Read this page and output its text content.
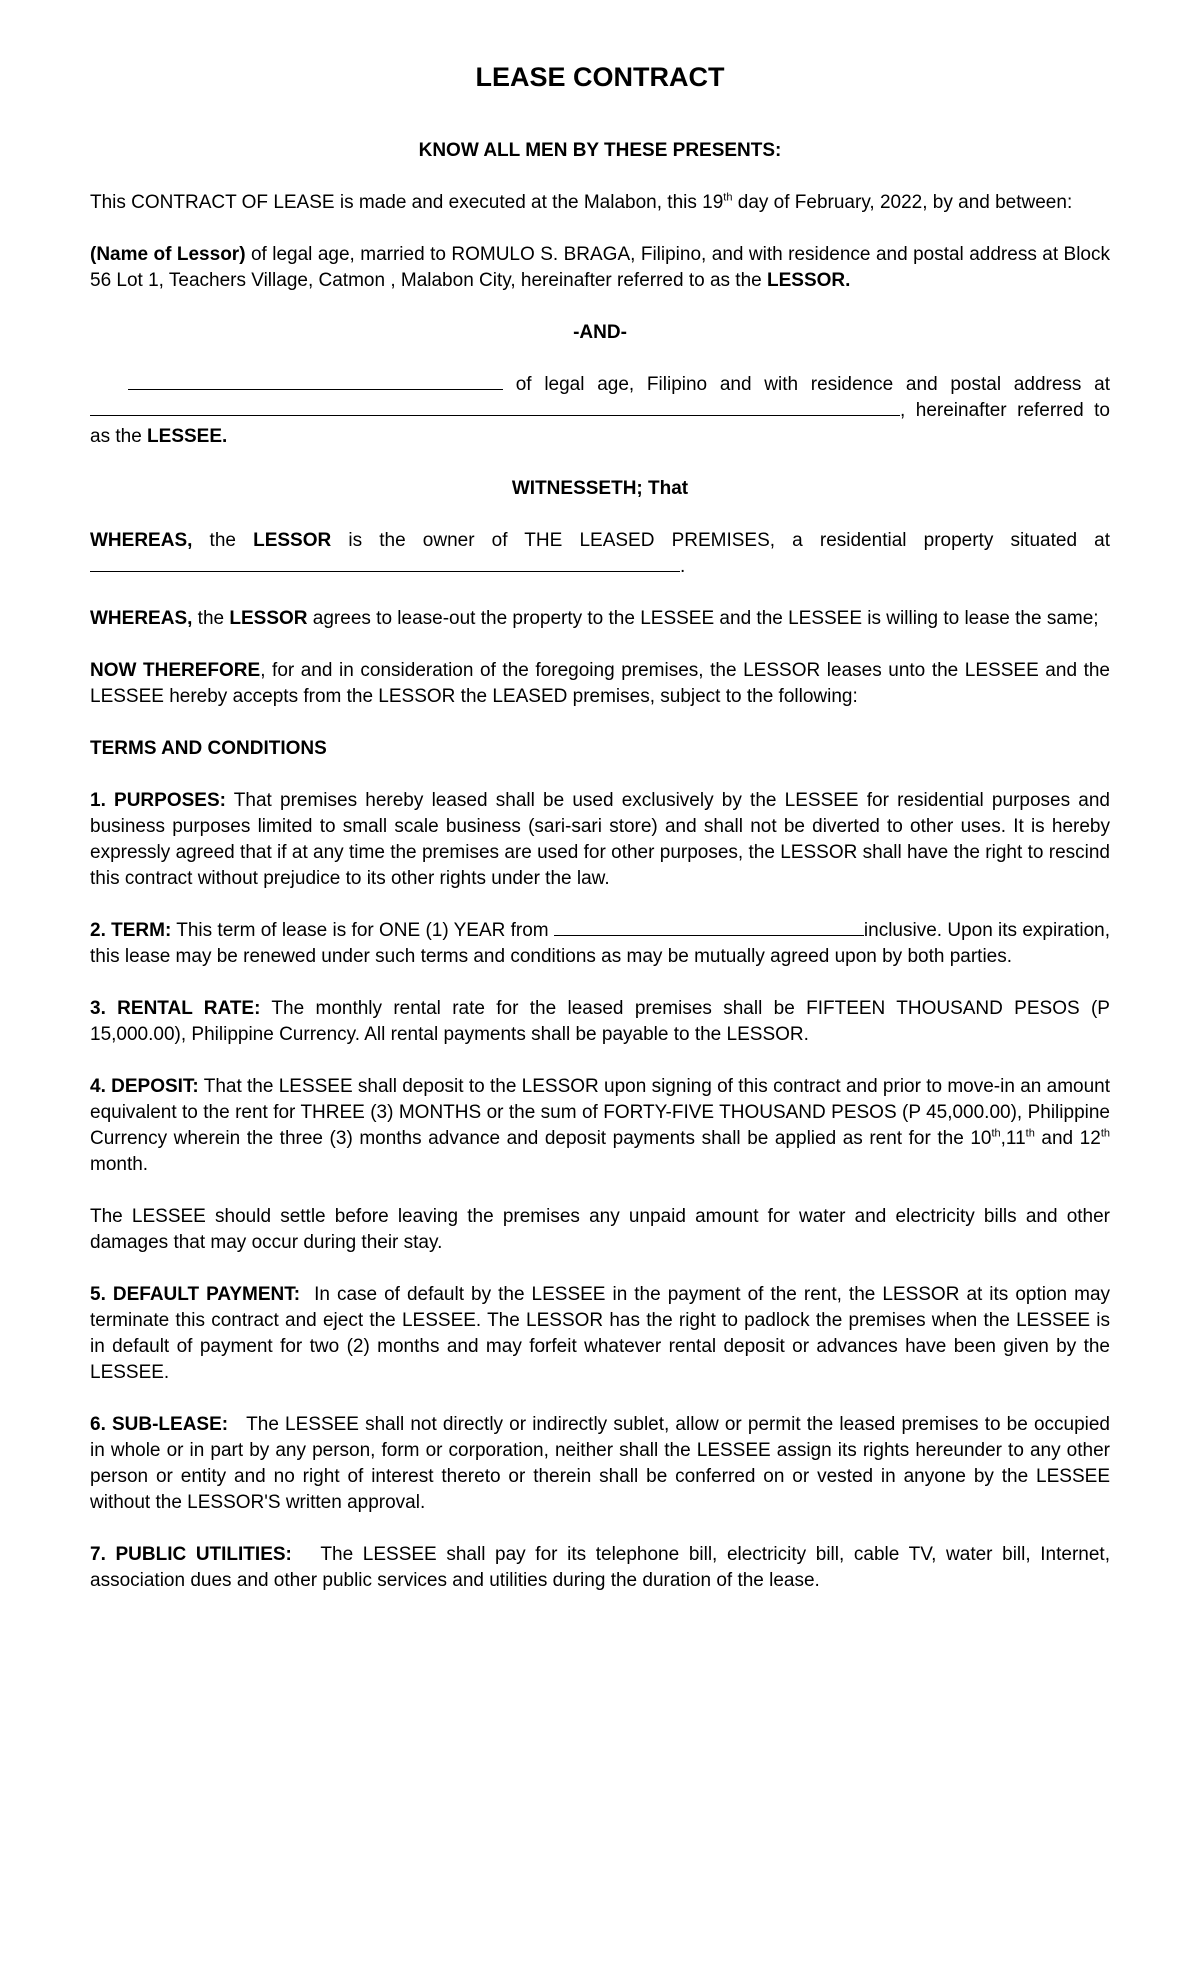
LEASE CONTRACT

KNOW ALL MEN BY THESE PRESENTS:

This CONTRACT OF LEASE is made and executed at the Malabon, this 19th day of February, 2022, by and between:

(Name of Lessor) of legal age, married to ROMULO S. BRAGA, Filipino, and with residence and postal address at Block 56 Lot 1, Teachers Village, Catmon , Malabon City, hereinafter referred to as the LESSOR.

-AND-

of legal age, Filipino and with residence and postal address at , hereinafter referred to as the LESSEE.

WITNESSETH; That

WHEREAS, the LESSOR is the owner of THE LEASED PREMISES, a residential property situated at .

WHEREAS, the LESSOR agrees to lease-out the property to the LESSEE and the LESSEE is willing to lease the same;

NOW THEREFORE, for and in consideration of the foregoing premises, the LESSOR leases unto the LESSEE and the LESSEE hereby accepts from the LESSOR the LEASED premises, subject to the following:

TERMS AND CONDITIONS

1. PURPOSES: That premises hereby leased shall be used exclusively by the LESSEE for residential purposes and business purposes limited to small scale business (sari-sari store) and shall not be diverted to other uses. It is hereby expressly agreed that if at any time the premises are used for other purposes, the LESSOR shall have the right to rescind this contract without prejudice to its other rights under the law.

2. TERM: This term of lease is for ONE (1) YEAR from	inclusive. Upon its expiration, this lease may be renewed under such terms and conditions as may be mutually agreed upon by both parties.

3. RENTAL RATE: The monthly rental rate for the leased premises shall be FIFTEEN THOUSAND PESOS (P 15,000.00), Philippine Currency. All rental payments shall be payable to the LESSOR.

4. DEPOSIT: That the LESSEE shall deposit to the LESSOR upon signing of this contract and prior to move-in an amount equivalent to the rent for THREE (3) MONTHS or the sum of FORTY-FIVE THOUSAND PESOS (P 45,000.00), Philippine Currency wherein the three (3) months advance and deposit payments shall be applied as rent for the 10th,11th and 12th month.

The LESSEE should settle before leaving the premises any unpaid amount for water and electricity bills and other damages that may occur during their stay.

5. DEFAULT PAYMENT:  In case of default by the LESSEE in the payment of the rent, the LESSOR at its option may terminate this contract and eject the LESSEE. The LESSOR has the right to padlock the premises when the LESSEE is in default of payment for two (2) months and may forfeit whatever rental deposit or advances have been given by the LESSEE.

6. SUB-LEASE:   The LESSEE shall not directly or indirectly sublet, allow or permit the leased premises to be occupied in whole or in part by any person, form or corporation, neither shall the LESSEE assign its rights hereunder to any other person or entity and no right of interest thereto or therein shall be conferred on or vested in anyone by the LESSEE without the LESSOR'S written approval.

7. PUBLIC UTILITIES:   The LESSEE shall pay for its telephone bill, electricity bill, cable TV, water bill, Internet, association dues and other public services and utilities during the duration of the lease.
